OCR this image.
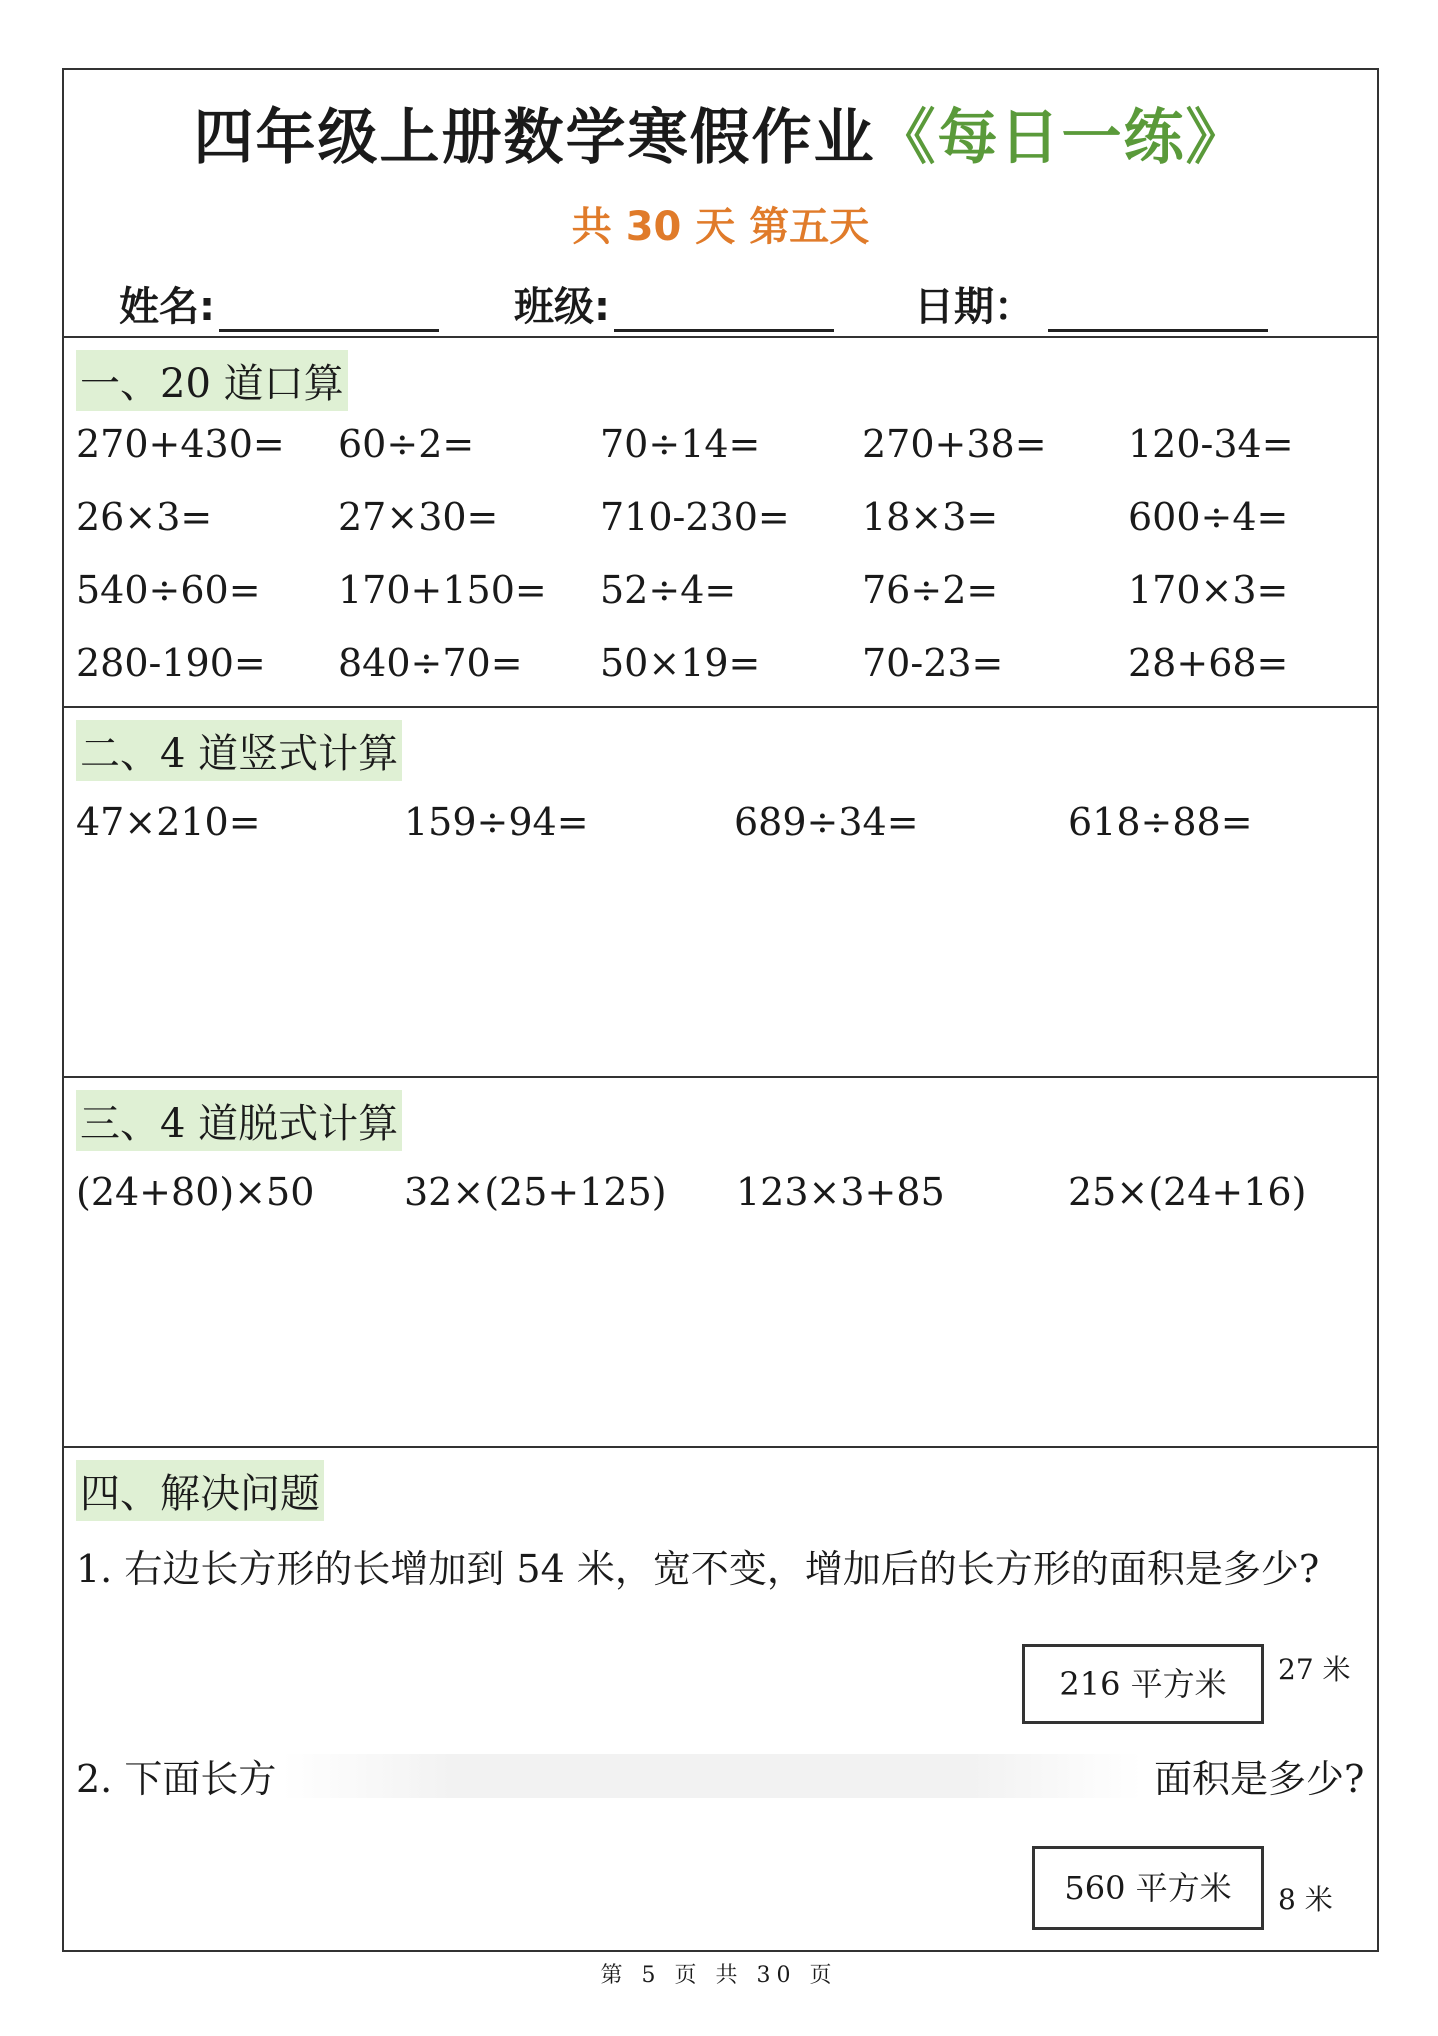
四年级上册数学寒假作业《每日一练》
共 30 天 第五天
姓名:	班级:	日期：
一、20 道口算
270+430= 60÷2=	70÷14=	270+38= 120-34=
26×3=	27×30=	710-230= 18×3=	600÷4=
540÷60= 170+150= 52÷4=	76÷2=	170×3=
280-190= 840÷70= 50×19=	70-23=	28+68=
二、4 道竖式计算
47×210=	159÷94=	689÷34=	618÷88=
三、4 道脱式计算
(24+80)×50 32×(25+125) 123×3+85	25×(24+16)
四、解决问题
1. 右边长方形的长增加到 54 米，宽不变，增加后的长方形的面积是多少?
216 平方米	27 米
2. 下面长方	面积是多少?
560 平方米	8 米
第 5 页 共 30 页
